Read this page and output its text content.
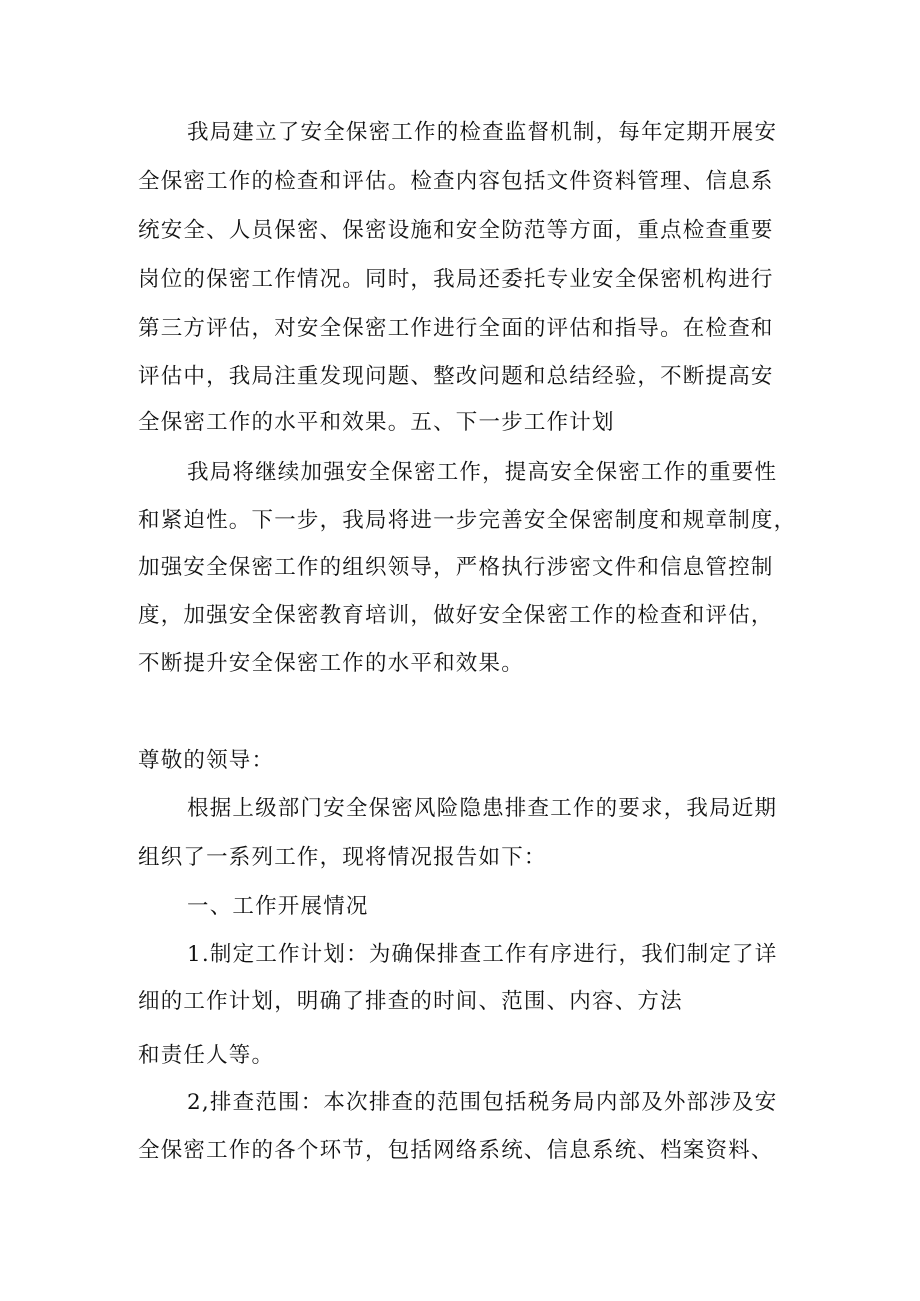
我局建立了安全保密工作的检查监督机制，每年定期开展安
全保密工作的检查和评估。检查内容包括文件资料管理、信息系
统安全、人员保密、保密设施和安全防范等方面，重点检查重要
岗位的保密工作情况。同时，我局还委托专业安全保密机构进行
第三方评估，对安全保密工作进行全面的评估和指导。在检查和
评估中，我局注重发现问题、整改问题和总结经验，不断提高安
全保密工作的水平和效果。五、下一步工作计划
我局将继续加强安全保密工作，提高安全保密工作的重要性
和紧迫性。下一步，我局将进一步完善安全保密制度和规章制度，
加强安全保密工作的组织领导，严格执行涉密文件和信息管控制
度，加强安全保密教育培训，做好安全保密工作的检查和评估，
不断提升安全保密工作的水平和效果。
尊敬的领导：
根据上级部门安全保密风险隐患排查工作的要求，我局近期
组织了一系列工作，现将情况报告如下：
一、工作开展情况
1.制定工作计划：为确保排查工作有序进行，我们制定了详
细的工作计划，明确了排查的时间、范围、内容、方法
和责任人等。
2,排查范围：本次排查的范围包括税务局内部及外部涉及安
全保密工作的各个环节，包括网络系统、信息系统、档案资料、
